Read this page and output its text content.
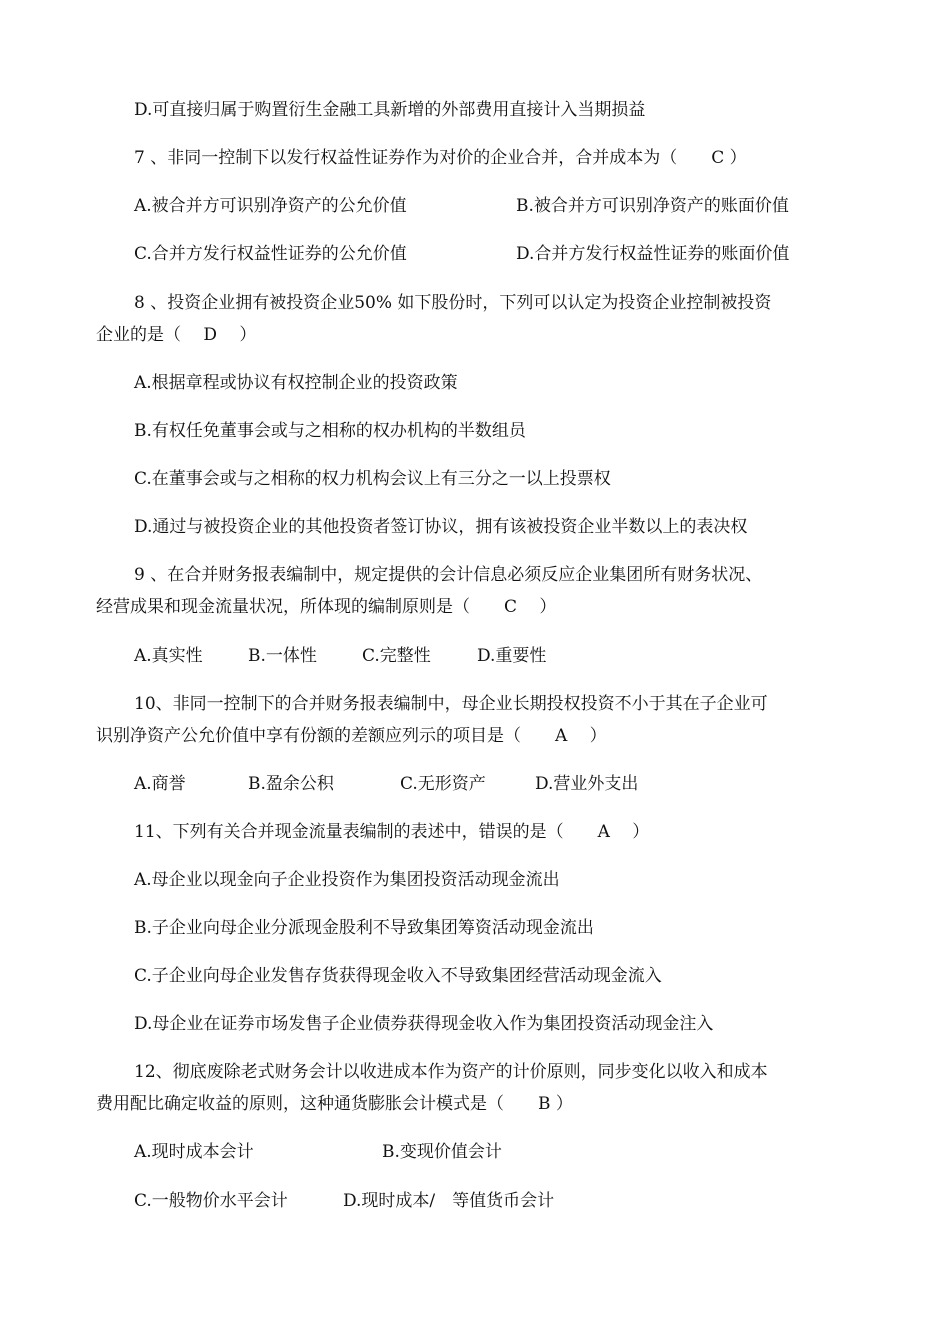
D.可直接归属于购置衍生金融工具新增的外部费用直接计入当期损益
7 、非同一控制下以发行权益性证券作为对价的企业合并，合并成本为（　　C ）
A.被合并方可识别净资产的公允价值	B.被合并方可识别净资产的账面价值
C.合并方发行权益性证券的公允价值	D.合并方发行权益性证券的账面价值
8 、投资企业拥有被投资企业50% 如下股份时，下列可以认定为投资企业控制被投资
企业的是（　 D　 ）
A.根据章程或协议有权控制企业的投资政策
B.有权任免董事会或与之相称的权办机构的半数组员
C.在董事会或与之相称的权力机构会议上有三分之一以上投票权
D.通过与被投资企业的其他投资者签订协议，拥有该被投资企业半数以上的表决权
9 、在合并财务报表编制中，规定提供的会计信息必须反应企业集团所有财务状况、
经营成果和现金流量状况，所体现的编制原则是（　　C　 ）
A.真实性	B.一体性	C.完整性	D.重要性
10、非同一控制下的合并财务报表编制中，母企业长期投权投资不小于其在子企业可
识别净资产公允价值中享有份额的差额应列示的项目是（　　A　 ）
A.商誉	B.盈余公积	C.无形资产	D.营业外支出
11、下列有关合并现金流量表编制的表述中，错误的是（　　A　 ）
A.母企业以现金向子企业投资作为集团投资活动现金流出
B.子企业向母企业分派现金股利不导致集团筹资活动现金流出
C.子企业向母企业发售存货获得现金收入不导致集团经营活动现金流入
D.母企业在证券市场发售子企业债券获得现金收入作为集团投资活动现金注入
12、彻底废除老式财务会计以收进成本作为资产的计价原则，同步变化以收入和成本
费用配比确定收益的原则，这种通货膨胀会计模式是（　　B ）
A.现时成本会计	B.变现价值会计
C.一般物价水平会计	D.现时成本/　等值货币会计
